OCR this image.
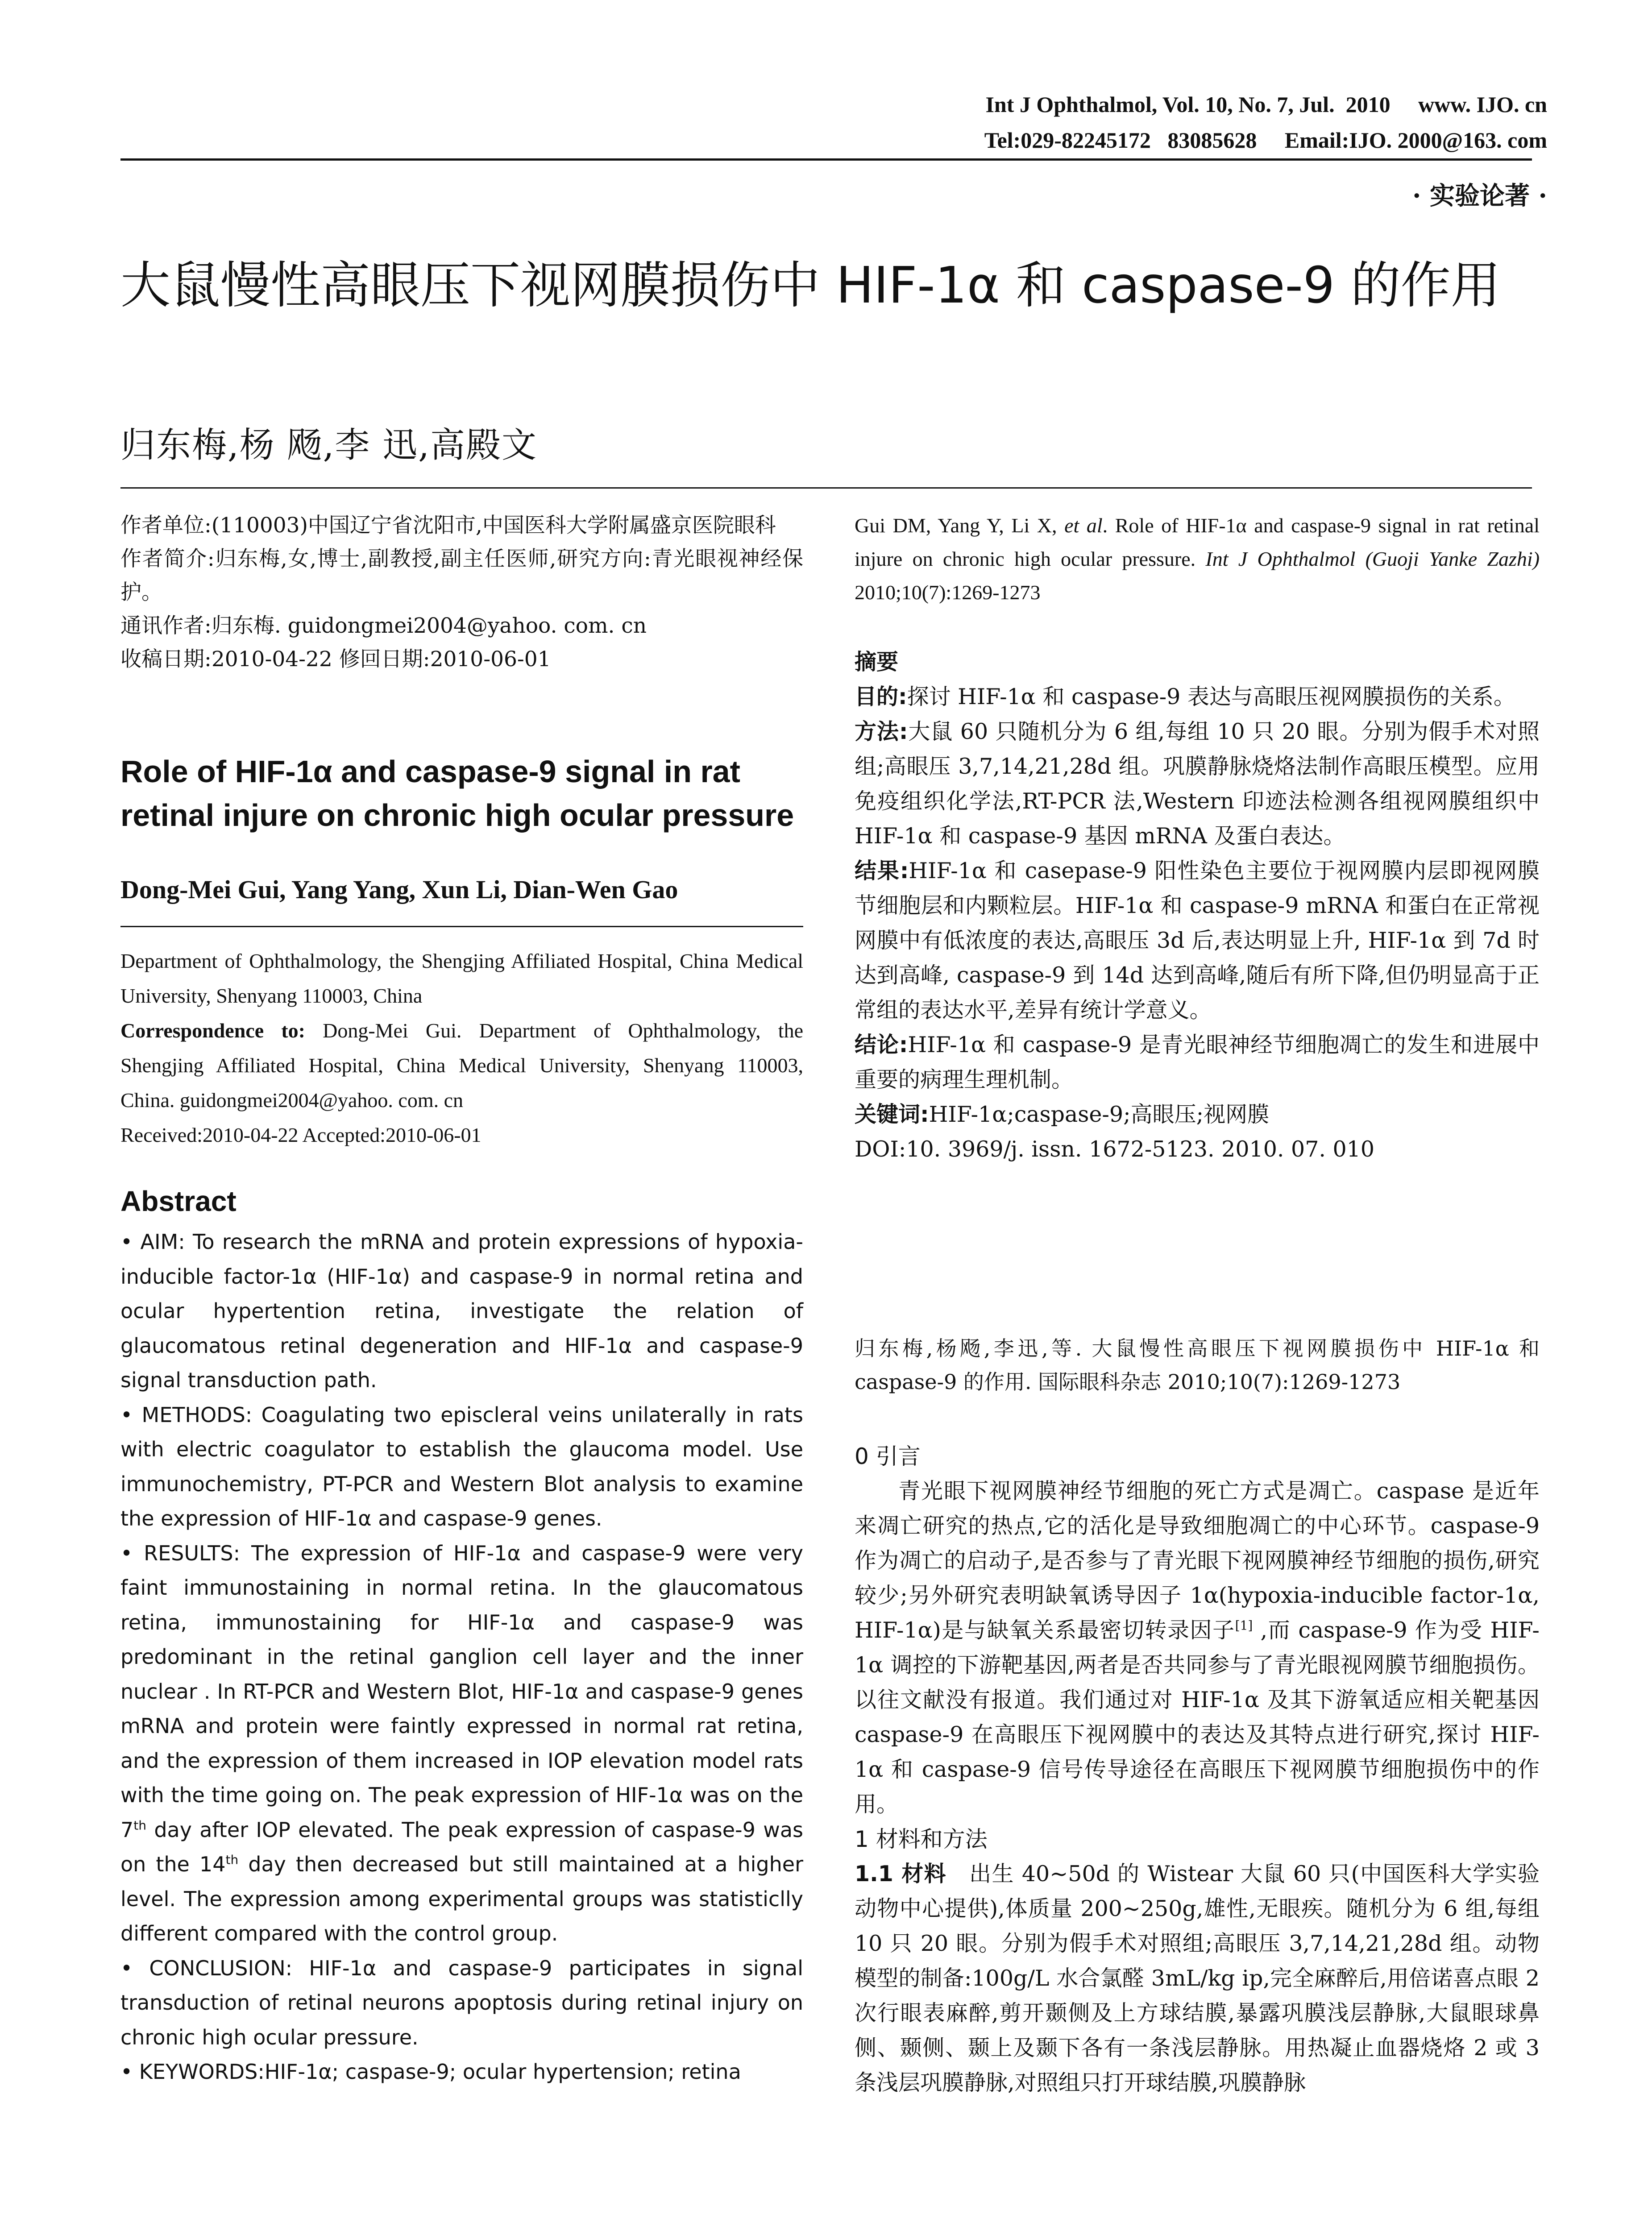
Int J Ophthalmol, Vol. 10, No. 7, Jul.  2010 www. IJO. cn
Tel:029-82245172   83085628 Email:IJO. 2000@163. com
· 实验论著 ·
大鼠慢性高眼压下视网膜损伤中 HIF-1α 和 caspase-9 的作用
归东梅,杨 飏,李 迅,高殿文

作者单位:(110003)中国辽宁省沈阳市,中国医科大学附属盛京医院眼科

作者简介:归东梅,女,博士,副教授,副主任医师,研究方向:青光眼视神经保护。

通讯作者:归东梅. guidongmei2004@yahoo. com. cn

收稿日期:2010-04-22 修回日期:2010-06-01

Role of HIF-1α and caspase-9 signal in rat retinal injure on chronic high ocular pressure
Dong-Mei Gui, Yang Yang, Xun Li, Dian-Wen Gao
Department of Ophthalmology, the Shengjing Affiliated Hospital, China Medical University, Shenyang 110003, China
Correspondence to: Dong-Mei Gui. Department of Ophthalmology, the Shengjing Affiliated Hospital, China Medical University, Shenyang 110003, China. guidongmei2004@yahoo. com. cn
Received:2010-04-22 Accepted:2010-06-01
Abstract

• AIM: To research the mRNA and protein expressions of hypoxia-inducible factor-1α (HIF-1α) and caspase-9 in normal retina and ocular hypertention retina, investigate the relation of glaucomatous retinal degeneration and HIF-1α and caspase-9 signal transduction path.

• METHODS: Coagulating two episcleral veins unilaterally in rats with electric coagulator to establish the glaucoma model. Use immunochemistry, PT-PCR and Western Blot analysis to examine the expression of HIF-1α and caspase-9 genes.

• RESULTS: The expression of HIF-1α and caspase-9 were very faint immunostaining in normal retina. In the glaucomatous retina, immunostaining for HIF-1α and caspase-9 was predominant in the retinal ganglion cell layer and the inner nuclear . In RT-PCR and Western Blot, HIF-1α and caspase-9 genes mRNA and protein were faintly expressed in normal rat retina, and the expression of them increased in IOP elevation model rats with the time going on. The peak expression of HIF-1α was on the 7th day after IOP elevated. The peak expression of caspase-9 was on the 14th day then decreased but still maintained at a higher level. The expression among experimental groups was statisticlly different compared with the control group.

• CONCLUSION: HIF-1α and caspase-9 participates in signal transduction of retinal neurons apoptosis during retinal injury on chronic high ocular pressure.

• KEYWORDS:HIF-1α; caspase-9; ocular hypertension; retina

Gui DM, Yang Y, Li X, et al. Role of HIF-1α and caspase-9 signal in rat retinal injure on chronic high ocular pressure. Int J Ophthalmol (Guoji Yanke Zazhi) 2010;10(7):1269-1273

摘要

目的:探讨 HIF-1α 和 caspase-9 表达与高眼压视网膜损伤的关系。

方法:大鼠 60 只随机分为 6 组,每组 10 只 20 眼。分别为假手术对照组;高眼压 3,7,14,21,28d 组。巩膜静脉烧烙法制作高眼压模型。应用免疫组织化学法,RT-PCR 法,Western 印迹法检测各组视网膜组织中 HIF-1α 和 caspase-9 基因 mRNA 及蛋白表达。

结果:HIF-1α 和 casepase-9 阳性染色主要位于视网膜内层即视网膜节细胞层和内颗粒层。HIF-1α 和 caspase-9 mRNA 和蛋白在正常视网膜中有低浓度的表达,高眼压 3d 后,表达明显上升, HIF-1α 到 7d 时达到高峰, caspase-9 到 14d 达到高峰,随后有所下降,但仍明显高于正常组的表达水平,差异有统计学意义。

结论:HIF-1α 和 caspase-9 是青光眼神经节细胞凋亡的发生和进展中重要的病理生理机制。

关键词:HIF-1α;caspase-9;高眼压;视网膜

DOI:10. 3969/j. issn. 1672-5123. 2010. 07. 010

归东梅,杨飏,李迅,等. 大鼠慢性高眼压下视网膜损伤中 HIF-1α 和 caspase-9 的作用. 国际眼科杂志 2010;10(7):1269-1273

0 引言

青光眼下视网膜神经节细胞的死亡方式是凋亡。caspase 是近年来凋亡研究的热点,它的活化是导致细胞凋亡的中心环节。caspase-9 作为凋亡的启动子,是否参与了青光眼下视网膜神经节细胞的损伤,研究较少;另外研究表明缺氧诱导因子 1α(hypoxia-inducible factor-1α, HIF-1α)是与缺氧关系最密切转录因子[1] ,而 caspase-9 作为受 HIF-1α 调控的下游靶基因,两者是否共同参与了青光眼视网膜节细胞损伤。以往文献没有报道。我们通过对 HIF-1α 及其下游氧适应相关靶基因 caspase-9 在高眼压下视网膜中的表达及其特点进行研究,探讨 HIF-1α 和 caspase-9 信号传导途径在高眼压下视网膜节细胞损伤中的作用。

1 材料和方法

1.1 材料 出生 40~50d 的 Wistear 大鼠 60 只(中国医科大学实验动物中心提供),体质量 200~250g,雄性,无眼疾。随机分为 6 组,每组 10 只 20 眼。分别为假手术对照组;高眼压 3,7,14,21,28d 组。动物模型的制备:100g/L 水合氯醛 3mL/kg ip,完全麻醉后,用倍诺喜点眼 2 次行眼表麻醉,剪开颞侧及上方球结膜,暴露巩膜浅层静脉,大鼠眼球鼻侧、颞侧、颞上及颞下各有一条浅层静脉。用热凝止血器烧烙 2 或 3 条浅层巩膜静脉,对照组只打开球结膜,巩膜静脉
